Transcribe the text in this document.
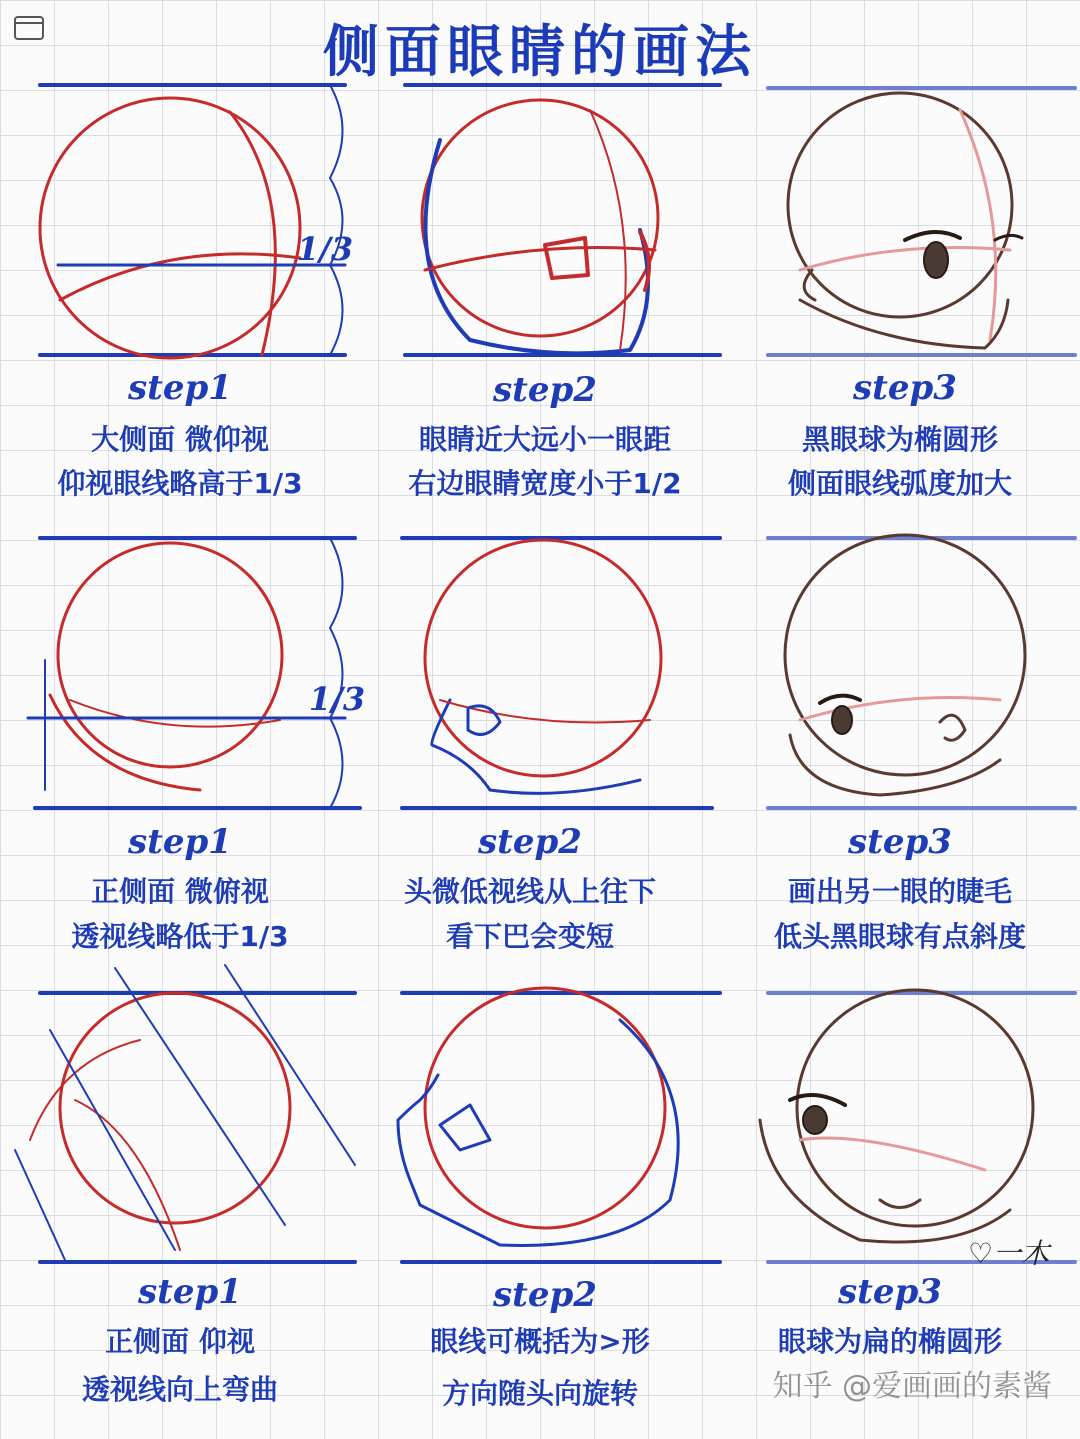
侧面眼睛的画法
1/3
1/3
step1
大侧面 微仰视
仰视眼线略高于1/3
step2
眼睛近大远小一眼距
右边眼睛宽度小于1/2
step3
黑眼球为椭圆形
侧面眼线弧度加大
step1
正侧面 微俯视
透视线略低于1/3
step2
头微低视线从上往下
看下巴会变短
step3
画出另一眼的睫毛
低头黑眼球有点斜度
step1
正侧面 仰视
透视线向上弯曲
step2
眼线可概括为>形
方向随头向旋转
step3
眼球为扁的椭圆形
♡一木
知乎 @爱画画的素酱
